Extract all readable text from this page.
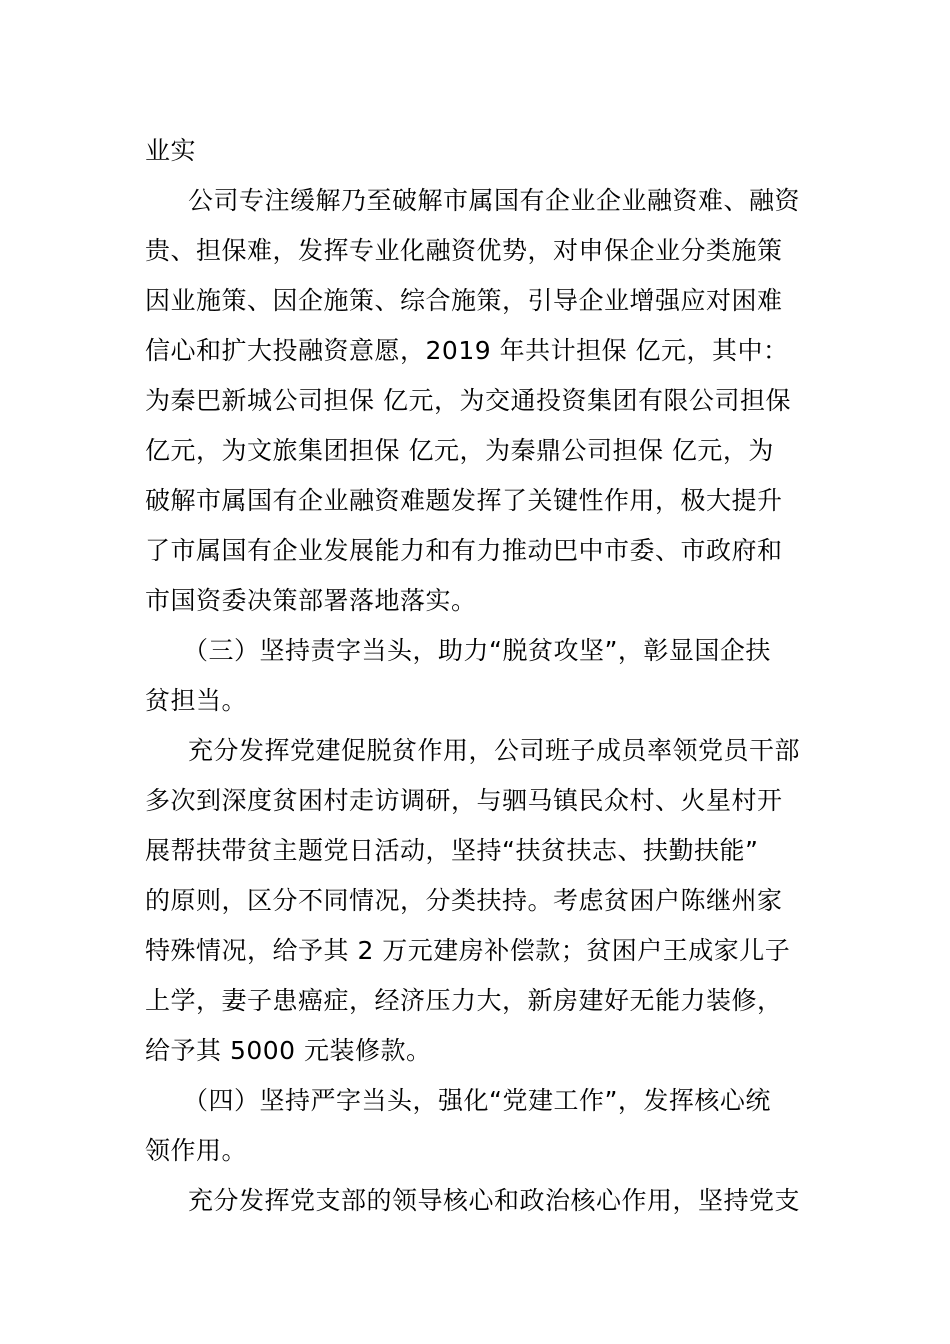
业实
公司专注缓解乃至破解市属国有企业企业融资难、融资
贵、担保难，发挥专业化融资优势，对申保企业分类施策
因业施策、因企施策、综合施策，引导企业增强应对困难
信心和扩大投融资意愿，2019 年共计担保 亿元，其中：
为秦巴新城公司担保 亿元，为交通投资集团有限公司担保
亿元，为文旅集团担保 亿元，为秦鼎公司担保 亿元，为
破解市属国有企业融资难题发挥了关键性作用，极大提升
了市属国有企业发展能力和有力推动巴中市委、市政府和
市国资委决策部署落地落实。
（三）坚持责字当头，助力“脱贫攻坚”，彰显国企扶
贫担当。
充分发挥党建促脱贫作用，公司班子成员率领党员干部
多次到深度贫困村走访调研，与驷马镇民众村、火星村开
展帮扶带贫主题党日活动，坚持“扶贫扶志、扶勤扶能”
的原则，区分不同情况，分类扶持。考虑贫困户陈继州家
特殊情况，给予其 2 万元建房补偿款；贫困户王成家儿子
上学，妻子患癌症，经济压力大，新房建好无能力装修，
给予其 5000 元装修款。
（四）坚持严字当头，强化“党建工作”，发挥核心统
领作用。
充分发挥党支部的领导核心和政治核心作用，坚持党支
